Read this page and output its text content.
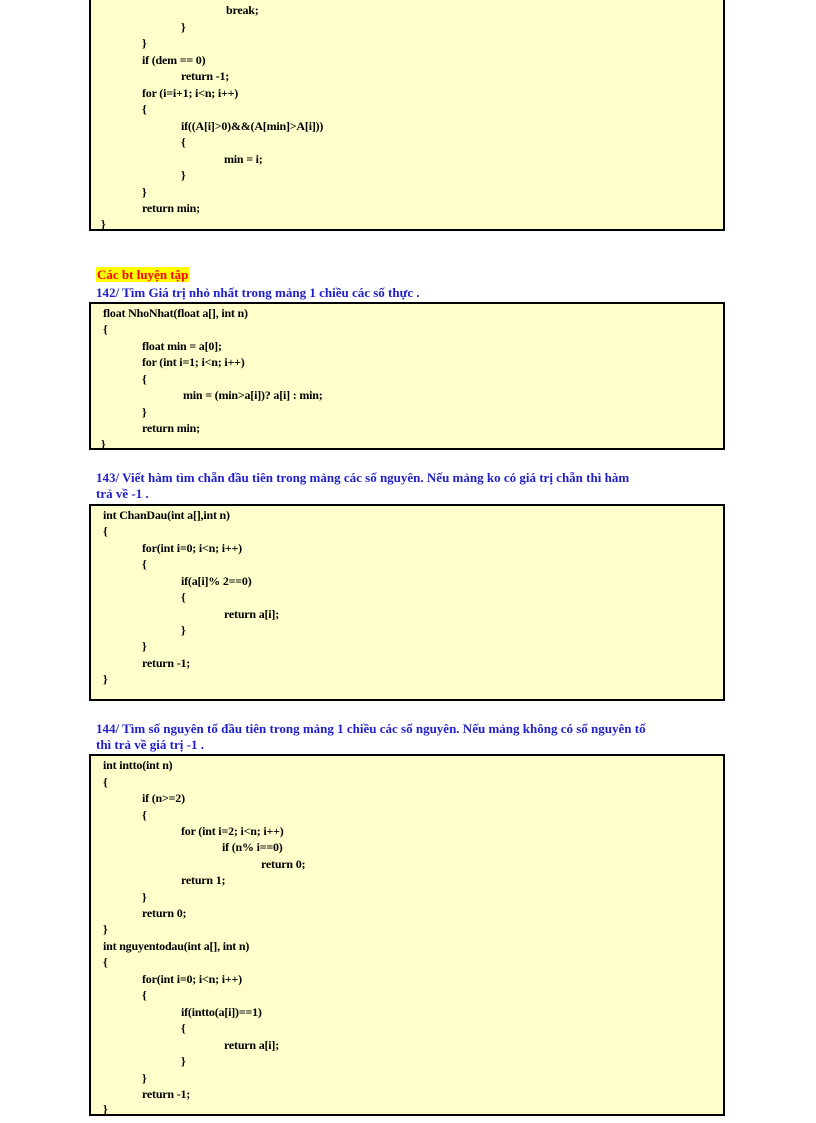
break;
}
}
if (dem == 0)
return -1;
for (i=i+1; i<n; i++)
{
if((A[i]>0)&&(A[min]>A[i]))
{
min = i;
}
}
return min;
}
Các bt luyện tập
142/ Tìm Giá trị nhỏ nhất trong mảng 1 chiều các số thực .
float NhoNhat(float a[], int n)
{
float min = a[0];
for (int i=1; i<n; i++)
{
min = (min>a[i])? a[i] : min;
}
return min;
}
143/ Viết hàm tìm chẵn đầu tiên trong mảng các số nguyên. Nếu mảng ko có giá trị chẵn thì hàm
trả về -1 .
int ChanDau(int a[],int n)
{
for(int i=0; i<n; i++)
{
if(a[i]% 2==0)
{
return a[i];
}
}
return -1;
}
144/ Tìm số nguyên tố đầu tiên trong mảng 1 chiều các số nguyên. Nếu mảng không có số nguyên tố
thì trả về giá trị -1 .
int intto(int n)
{
if (n>=2)
{
for (int i=2; i<n; i++)
if (n% i==0)
return 0;
return 1;
}
return 0;
}
int nguyentodau(int a[], int n)
{
for(int i=0; i<n; i++)
{
if(intto(a[i])==1)
{
return a[i];
}
}
return -1;
}
